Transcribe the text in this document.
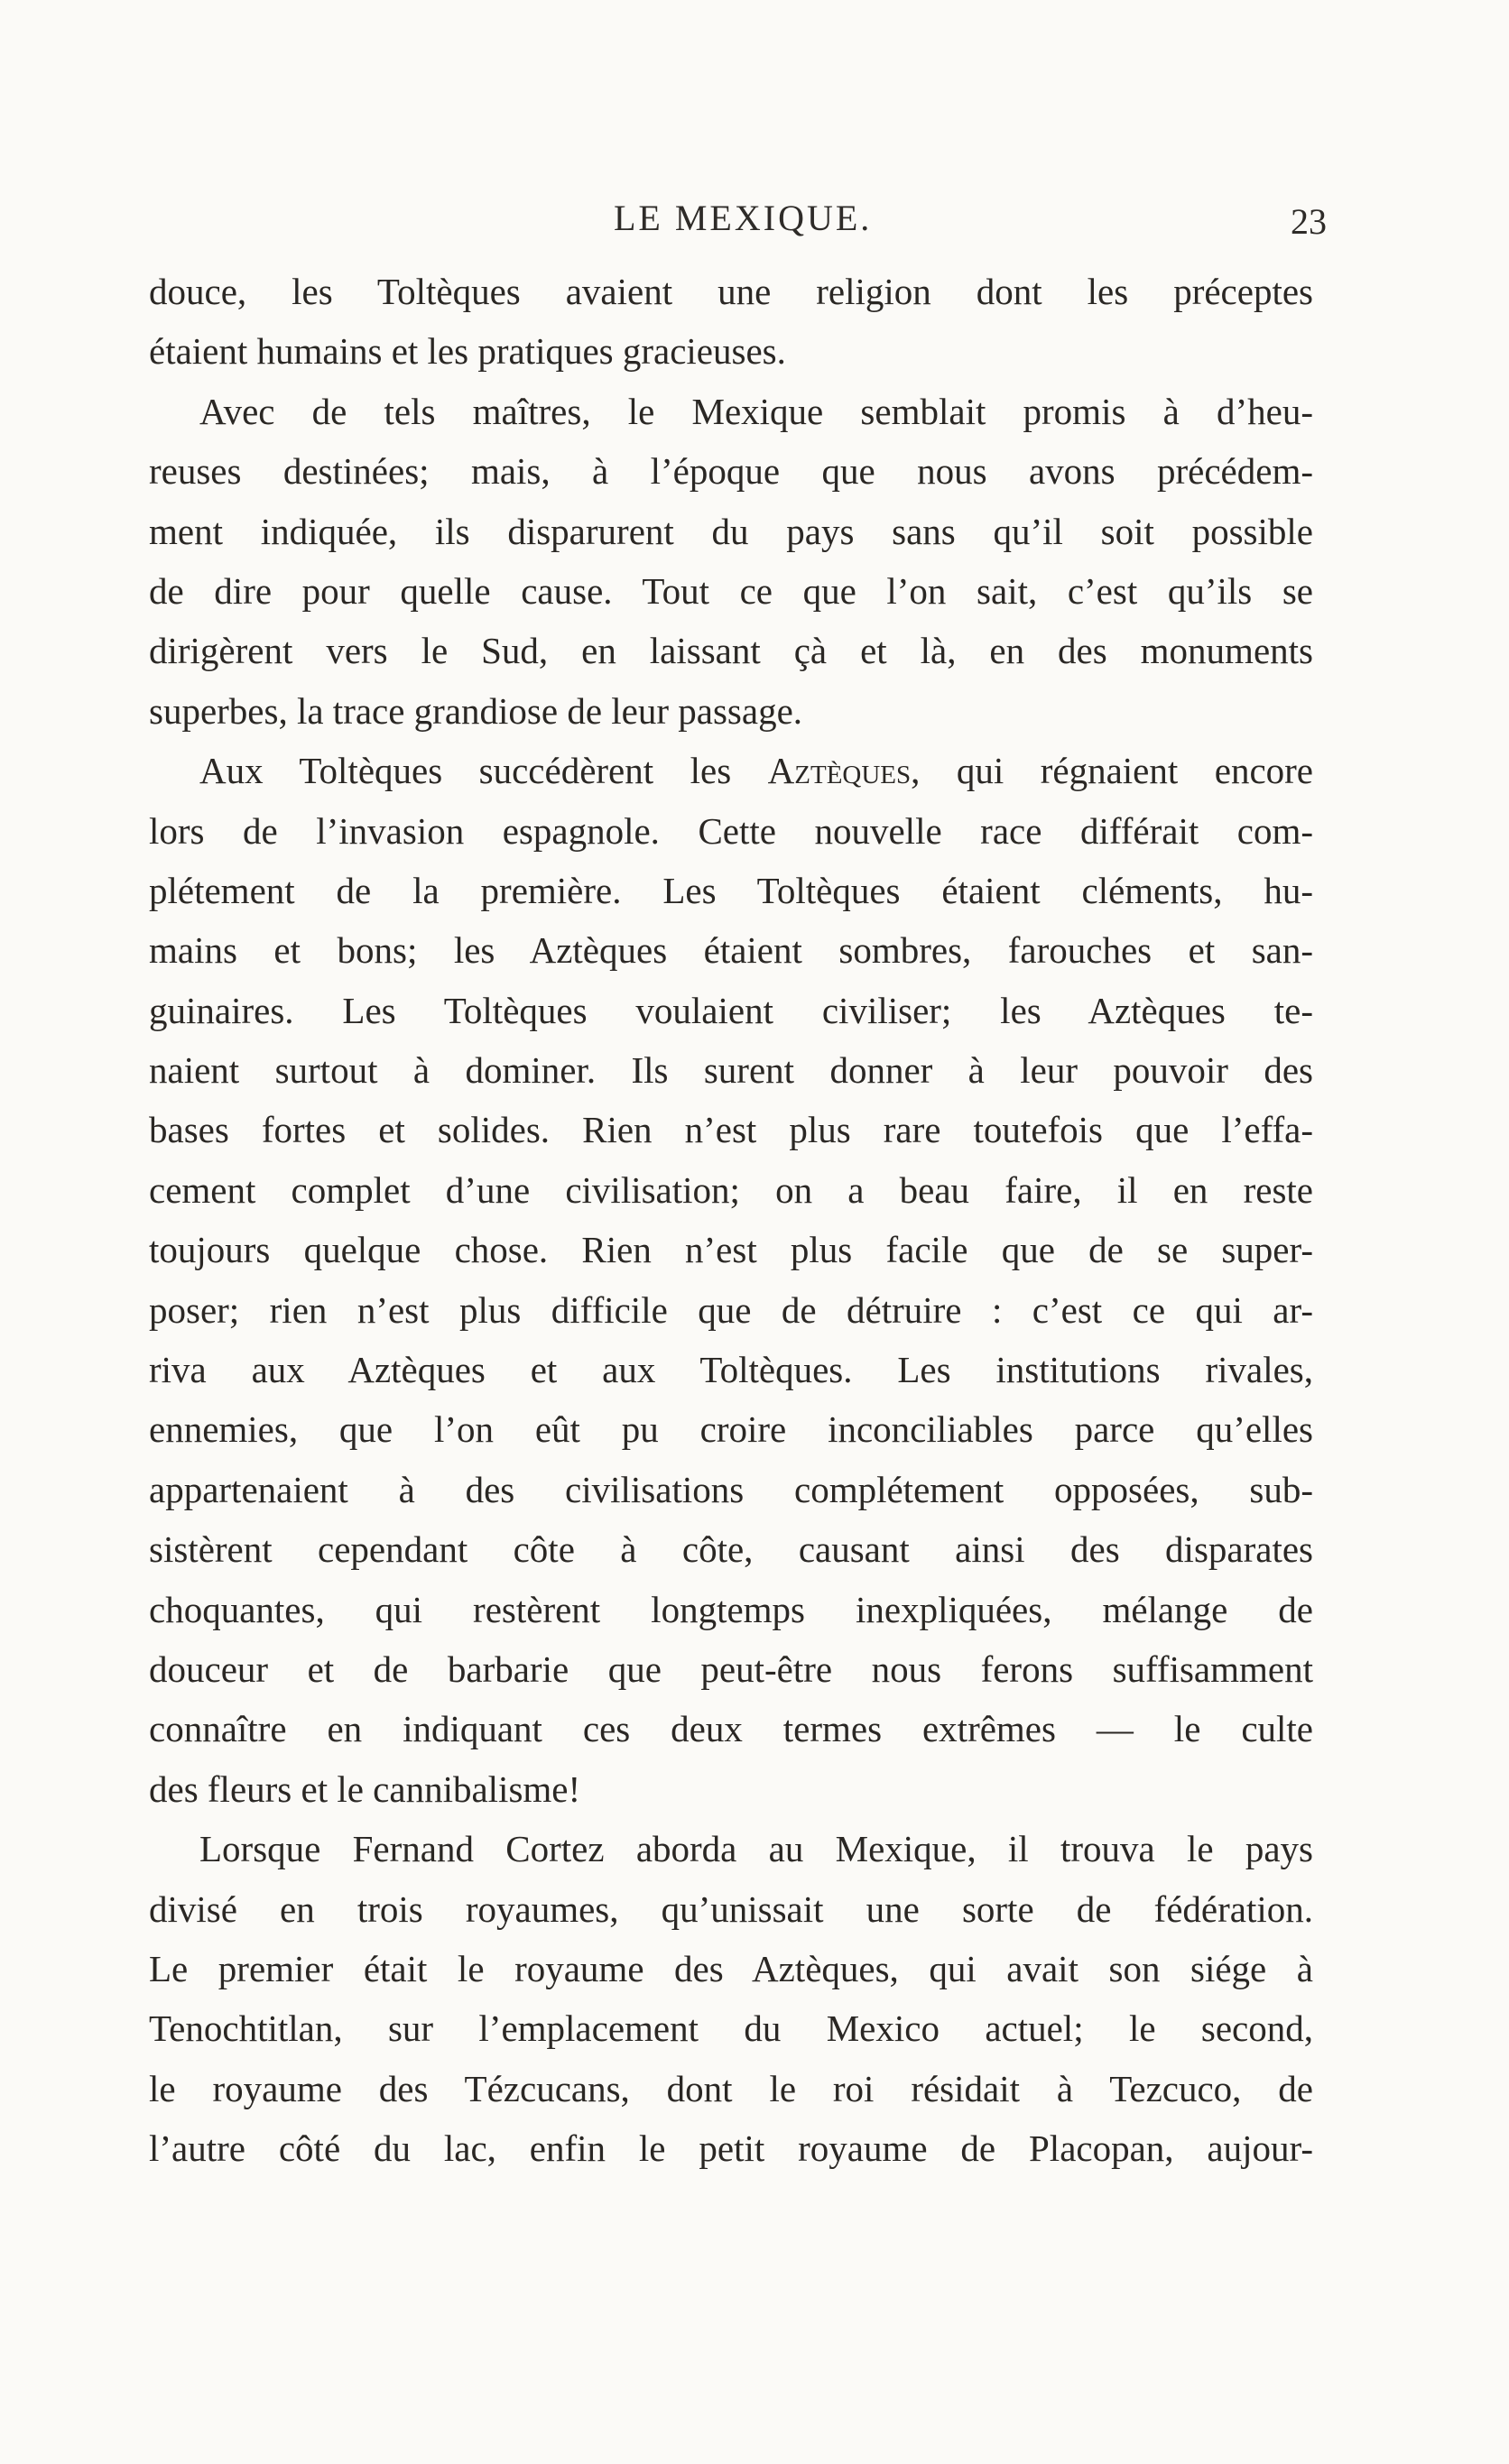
LE MEXIQUE.	23
douce, les Toltèques avaient une religion dont les préceptes
étaient humains et les pratiques gracieuses.
Avec de tels maîtres, le Mexique semblait promis à d’heu-
reuses destinées; mais, à l’époque que nous avons précédem-
ment indiquée, ils disparurent du pays sans qu’il soit possible
de dire pour quelle cause. Tout ce que l’on sait, c’est qu’ils se
dirigèrent vers le Sud, en laissant çà et là, en des monuments
superbes, la trace grandiose de leur passage.
Aux Toltèques succédèrent les Aztèques, qui régnaient encore
lors de l’invasion espagnole. Cette nouvelle race différait com-
plétement de la première. Les Toltèques étaient cléments, hu-
mains et bons; les Aztèques étaient sombres, farouches et san-
guinaires. Les Toltèques voulaient civiliser; les Aztèques te-
naient surtout à dominer. Ils surent donner à leur pouvoir des
bases fortes et solides. Rien n’est plus rare toutefois que l’effa-
cement complet d’une civilisation; on a beau faire, il en reste
toujours quelque chose. Rien n’est plus facile que de se super-
poser; rien n’est plus difficile que de détruire : c’est ce qui ar-
riva aux Aztèques et aux Toltèques. Les institutions rivales,
ennemies, que l’on eût pu croire inconciliables parce qu’elles
appartenaient à des civilisations complétement opposées, sub-
sistèrent cependant côte à côte, causant ainsi des disparates
choquantes, qui restèrent longtemps inexpliquées, mélange de
douceur et de barbarie que peut-être nous ferons suffisamment
connaître en indiquant ces deux termes extrêmes — le culte
des fleurs et le cannibalisme!
Lorsque Fernand Cortez aborda au Mexique, il trouva le pays
divisé en trois royaumes, qu’unissait une sorte de fédération.
Le premier était le royaume des Aztèques, qui avait son siége à
Tenochtitlan, sur l’emplacement du Mexico actuel; le second,
le royaume des Tézcucans, dont le roi résidait à Tezcuco, de
l’autre côté du lac, enfin le petit royaume de Placopan, aujour-
